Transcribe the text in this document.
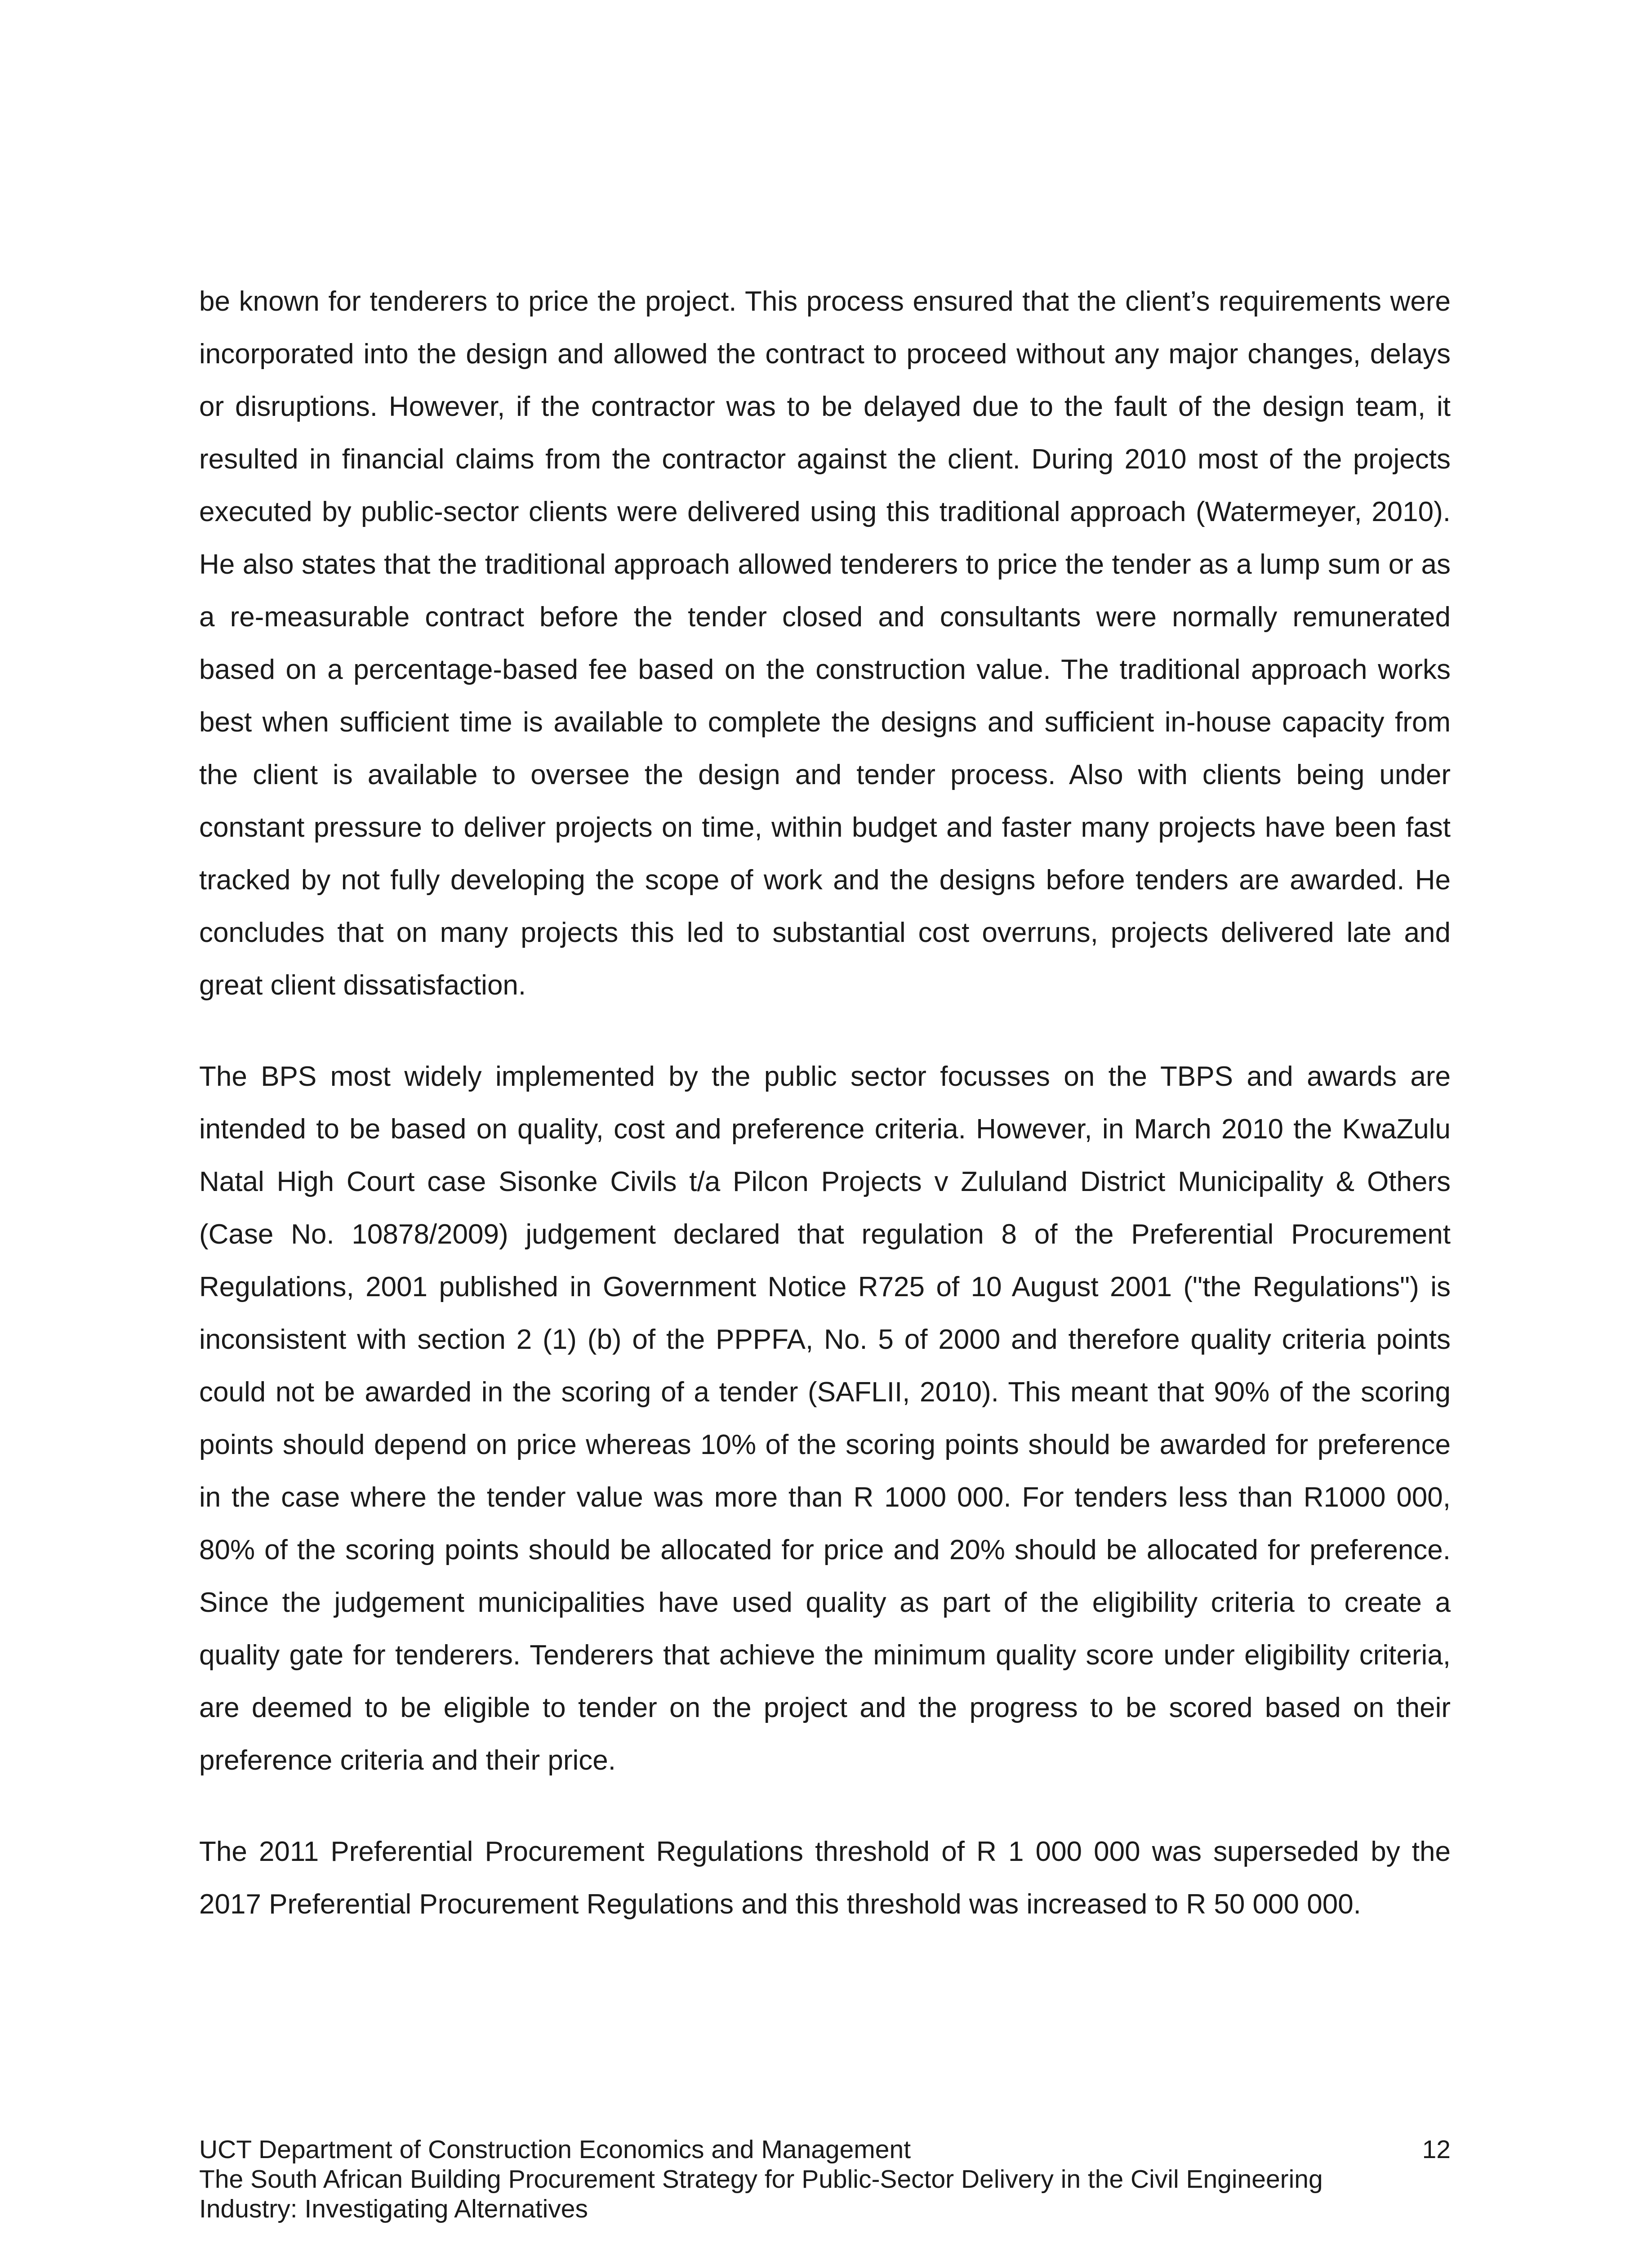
be known for tenderers to price the project. This process ensured that the client’s requirements were incorporated into the design and allowed the contract to proceed without any major changes, delays or disruptions. However, if the contractor was to be delayed due to the fault of the design team, it resulted in financial claims from the contractor against the client. During 2010 most of the projects executed by public-sector clients were delivered using this traditional approach (Watermeyer, 2010). He also states that the traditional approach allowed tenderers to price the tender as a lump sum or as a re-measurable contract before the tender closed and consultants were normally remunerated based on a percentage-based fee based on the construction value. The traditional approach works best when sufficient time is available to complete the designs and sufficient in-house capacity from the client is available to oversee the design and tender process. Also with clients being under constant pressure to deliver projects on time, within budget and faster many projects have been fast tracked by not fully developing the scope of work and the designs before tenders are awarded. He concludes that on many projects this led to substantial cost overruns, projects delivered late and great client dissatisfaction.

The BPS most widely implemented by the public sector focusses on the TBPS and awards are intended to be based on quality, cost and preference criteria. However, in March 2010 the KwaZulu Natal High Court case Sisonke Civils t/a Pilcon Projects v Zululand District Municipality & Others (Case No. 10878/2009) judgement declared that regulation 8 of the Preferential Procurement Regulations, 2001 published in Government Notice R725 of 10 August 2001 ("the Regulations") is inconsistent with section 2 (1) (b) of the PPPFA, No. 5 of 2000 and therefore quality criteria points could not be awarded in the scoring of a tender (SAFLII, 2010). This meant that 90% of the scoring points should depend on price whereas 10% of the scoring points should be awarded for preference in the case where the tender value was more than R 1000 000. For tenders less than R1000 000, 80% of the scoring points should be allocated for price and 20% should be allocated for preference. Since the judgement municipalities have used quality as part of the eligibility criteria to create a quality gate for tenderers. Tenderers that achieve the minimum quality score under eligibility criteria, are deemed to be eligible to tender on the project and the progress to be scored based on their preference criteria and their price.

The 2011 Preferential Procurement Regulations threshold of R 1 000 000 was superseded by the 2017 Preferential Procurement Regulations and this threshold was increased to R 50 000 000.

UCT Department of Construction Economics and Management	12
The South African Building Procurement Strategy for Public-Sector Delivery in the Civil Engineering
Industry: Investigating Alternatives
